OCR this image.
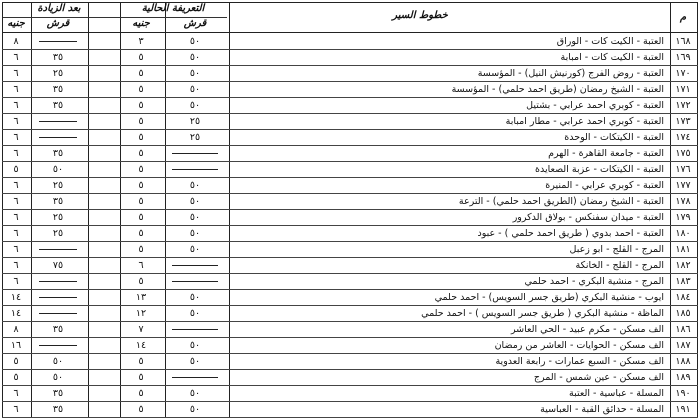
م
خطوط السير
التعريفة الحالية
بعد الزيادة
جنيه	قرش
جنيه	قرش
١٦٨
العتبة - الكيت كات - الوراق
٥٠
٣
٨
١٦٩
العتبة - الكيت كات - امبابة
٥٠
٥
٣٥
٦
١٧٠
العتبة - روض الفرج (كورنيش النيل) - المؤسسة
٥٠
٥
٢٥
٦
١٧١
العتبة - الشيخ رمضان (طريق احمد حلمي) - المؤسسة
٥٠
٥
٣٥
٦
١٧٢
العتبة - كوبري احمد عرابي - بشتيل
٥٠
٥
٣٥
٦
١٧٣
العتبة - كوبري احمد عرابي - مطار امبابة
٢٥
٥
٦
١٧٤
العتبة - الكيتكات - الوحدة
٢٥
٥
٦
١٧٥
العتبة - جامعة القاهرة - الهرم
٥
٣٥
٦
١٧٦
العتبة - الكيتكات - عزبة الصعايدة
٥
٥٠
٥
١٧٧
العتبة - كوبري عرابي - المنيرة
٥٠
٥
٢٥
٦
١٧٨
العتبة - الشيخ رمضان (الطريق احمد حلمي) - الترعة
٥٠
٥
٣٥
٦
١٧٩
العتبة - ميدان سفنكس - بولاق الدكرور
٥٠
٥
٢٥
٦
١٨٠
العتبة - احمد بدوي ( طريق احمد حلمي ) - عبود
٥٠
٥
٢٥
٦
١٨١
المرج - القلج - ابو زعبل
٥٠
٥
٦
١٨٢
المرج - القلج - الخانكة
٦
٧٥
٦
١٨٣
المرج - منشية البكري - احمد حلمي
٥
٦
١٨٤
ايوب - منشية البكري (طريق جسر السويس) - احمد حلمي
٥٠
١٣
١٤
١٨٥
الماظة - منشية البكري ( طريق جسر السويس ) - احمد حلمي
٥٠
١٢
١٤
١٨٦
الف مسكن - مكرم عبيد - الحي العاشر
٧
٣٥
٨
١٨٧
الف مسكن - الحوايات - العاشر من رمضان
٥٠
١٤
١٦
١٨٨
الف مسكن - السبع عمارات - رابعة العدوية
٥٠
٥
٥٠
٥
١٨٩
الف مسكن - عين شمس - المرج
٥
٥٠
٥
١٩٠
المسلة - عباسية - العتبة
٥٠
٥
٣٥
٦
١٩١
المسلة - حدائق القبة - العباسية
٥٠
٥
٣٥
٦
